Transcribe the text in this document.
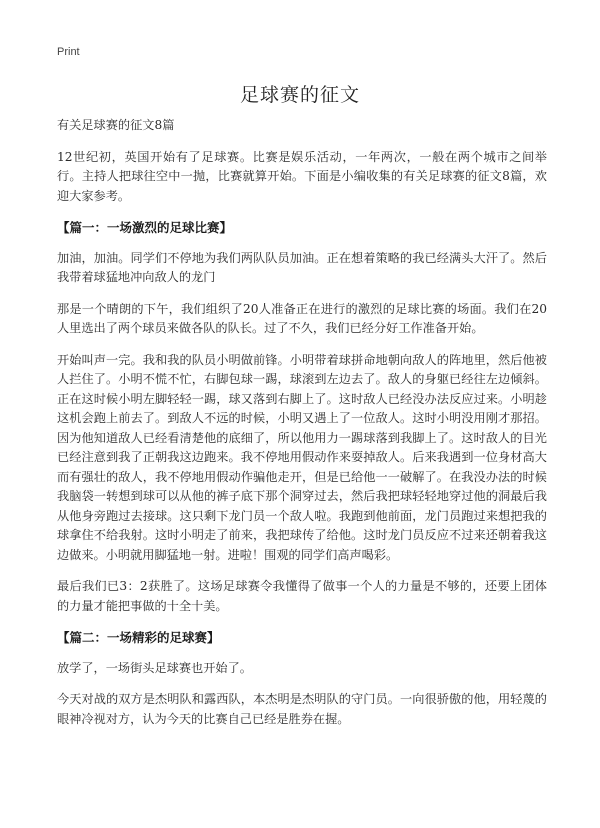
Print
足球赛的征文

有关足球赛的征文8篇

12世纪初，英国开始有了足球赛。比赛是娱乐活动，一年两次，一般在两个城市之间举行。主持人把球往空中一抛，比赛就算开始。下面是小编收集的有关足球赛的征文8篇，欢迎大家参考。

【篇一：一场激烈的足球比赛】

加油，加油。同学们不停地为我们两队队员加油。正在想着策略的我已经满头大汗了。然后我带着球猛地冲向敌人的龙门

那是一个晴朗的下午，我们组织了20人准备正在进行的激烈的足球比赛的场面。我们在20人里选出了两个球员来做各队的队长。过了不久，我们已经分好工作准备开始。

开始叫声一完。我和我的队员小明做前锋。小明带着球拼命地朝向敌人的阵地里，然后他被人拦住了。小明不慌不忙，右脚包球一踢，球滚到左边去了。敌人的身躯已经往左边倾斜。正在这时候小明左脚轻轻一踢，球又落到右脚上了。这时敌人已经没办法反应过来。小明趁这机会跑上前去了。到敌人不远的时候，小明又遇上了一位敌人。这时小明没用刚才那招。因为他知道敌人已经看清楚他的底细了，所以他用力一踢球落到我脚上了。这时敌人的目光已经注意到我了正朝我这边跑来。我不停地用假动作来耍掉敌人。后来我遇到一位身材高大而有强壮的敌人，我不停地用假动作骗他走开，但是已给他一一破解了。在我没办法的时候我脑袋一转想到球可以从他的裤子底下那个洞穿过去，然后我把球轻轻地穿过他的洞最后我从他身旁跑过去接球。这只剩下龙门员一个敌人啦。我跑到他前面，龙门员跑过来想把我的球拿住不给我射。这时小明走了前来，我把球传了给他。这时龙门员反应不过来还朝着我这边做来。小明就用脚猛地一射。进啦！围观的同学们高声喝彩。

最后我们已3：2获胜了。这场足球赛令我懂得了做事一个人的力量是不够的，还要上团体的力量才能把事做的十全十美。

【篇二：一场精彩的足球赛】

放学了，一场街头足球赛也开始了。

今天对战的双方是杰明队和露西队，本杰明是杰明队的守门员。一向很骄傲的他，用轻蔑的眼神冷视对方，认为今天的比赛自己已经是胜券在握。
